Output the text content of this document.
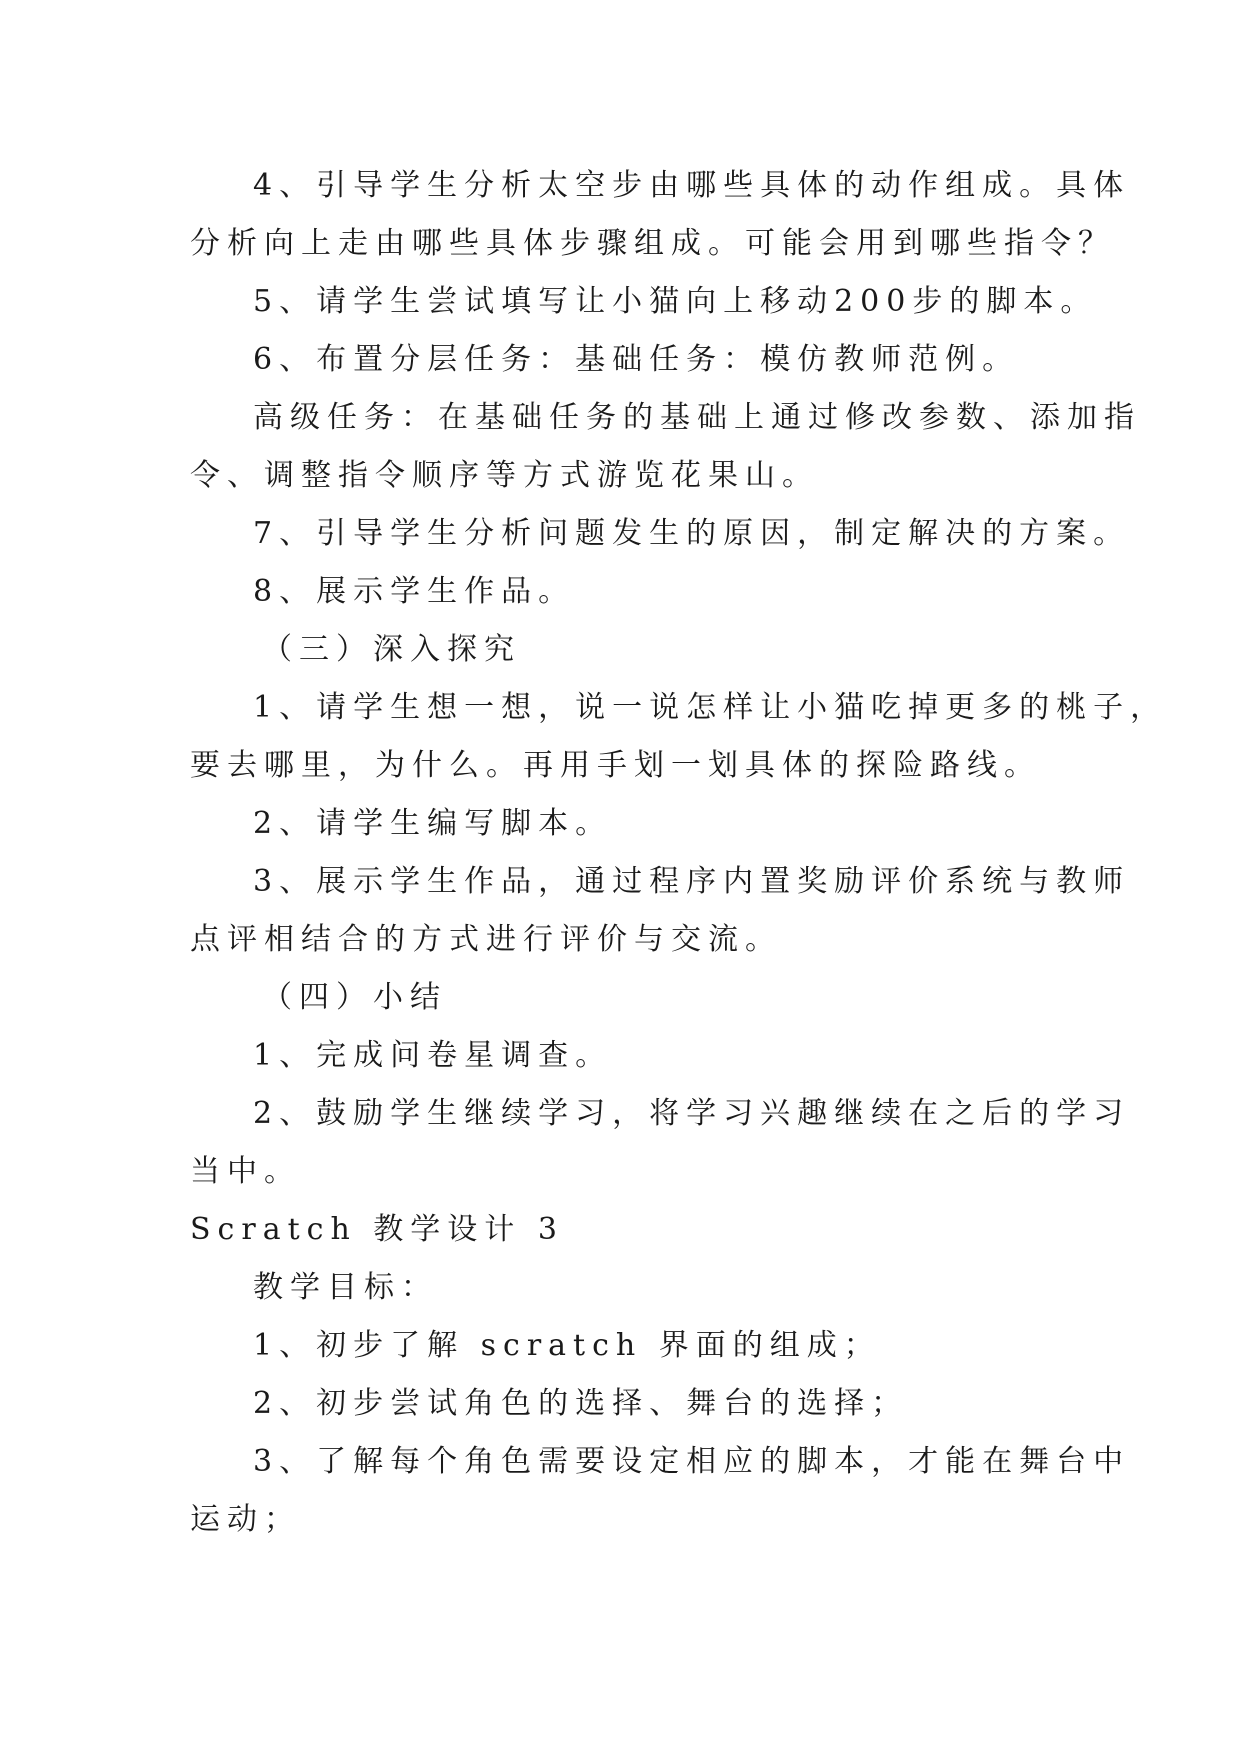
4、引导学生分析太空步由哪些具体的动作组成。具体

分析向上走由哪些具体步骤组成。可能会用到哪些指令？

5、请学生尝试填写让小猫向上移动200步的脚本。

6、布置分层任务：基础任务：模仿教师范例。

高级任务：在基础任务的基础上通过修改参数、添加指

令、调整指令顺序等方式游览花果山。

7、引导学生分析问题发生的原因，制定解决的方案。

8、展示学生作品。

（三）深入探究

1、请学生想一想，说一说怎样让小猫吃掉更多的桃子，

要去哪里，为什么。再用手划一划具体的探险路线。

2、请学生编写脚本。

3、展示学生作品，通过程序内置奖励评价系统与教师

点评相结合的方式进行评价与交流。

（四）小结

1、完成问卷星调查。

2、鼓励学生继续学习，将学习兴趣继续在之后的学习

当中。

Scratch 教学设计 3

教学目标：

1、初步了解 scratch 界面的组成；

2、初步尝试角色的选择、舞台的选择；

3、了解每个角色需要设定相应的脚本，才能在舞台中

运动；
